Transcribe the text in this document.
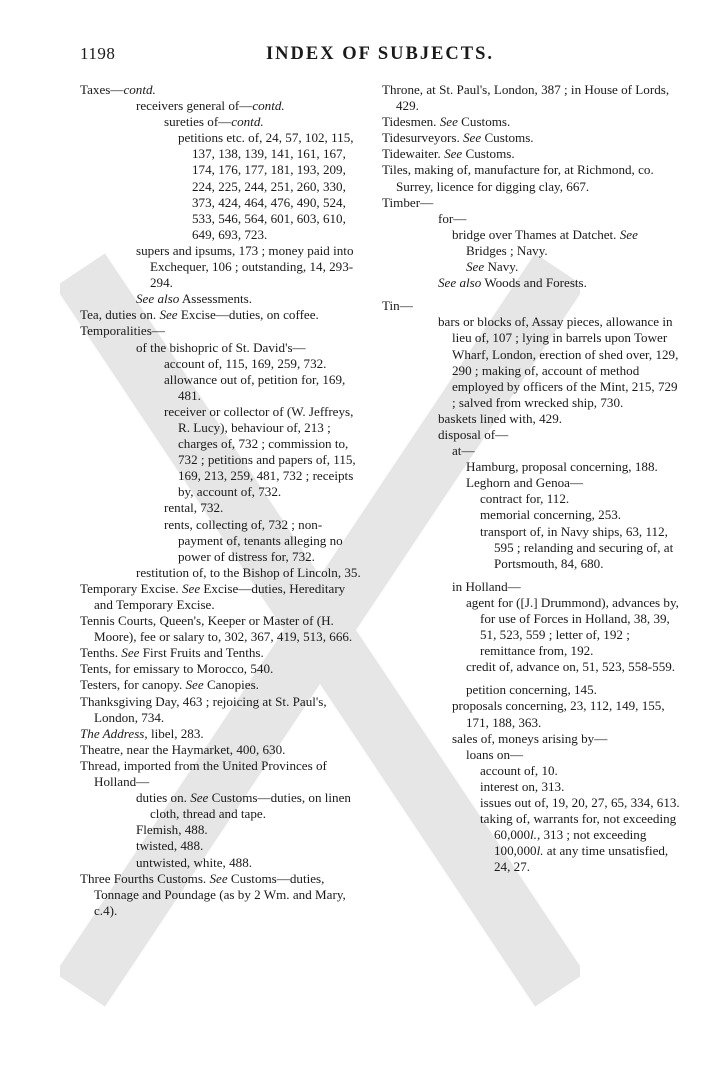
1198	INDEX OF SUBJECTS.

Taxes—contd.

receivers general of—contd.

sureties of—contd.

petitions etc. of, 24, 57, 102, 115, 137, 138, 139, 141, 161, 167, 174, 176, 177, 181, 193, 209, 224, 225, 244, 251, 260, 330, 373, 424, 464, 476, 490, 524, 533, 546, 564, 601, 603, 610, 649, 693, 723.

supers and ipsums, 173 ; money paid into Exchequer, 106 ; outstanding, 14, 293-294.

See also Assessments.

Tea, duties on. See Excise—duties, on coffee.

Temporalities—

of the bishopric of St. David's—

account of, 115, 169, 259, 732.

allowance out of, petition for, 169, 481.

receiver or collector of (W. Jeffreys, R. Lucy), behaviour of, 213 ; charges of, 732 ; commission to, 732 ; petitions and papers of, 115, 169, 213, 259, 481, 732 ; receipts by, account of, 732.

rental, 732.

rents, collecting of, 732 ; non-payment of, tenants alleging no power of distress for, 732.

restitution of, to the Bishop of Lincoln, 35.

Temporary Excise. See Excise—duties, Hereditary and Temporary Excise.

Tennis Courts, Queen's, Keeper or Master of (H. Moore), fee or salary to, 302, 367, 419, 513, 666.

Tenths. See First Fruits and Tenths.

Tents, for emissary to Morocco, 540.

Testers, for canopy. See Canopies.

Thanksgiving Day, 463 ; rejoicing at St. Paul's, London, 734.

The Address, libel, 283.

Theatre, near the Haymarket, 400, 630.

Thread, imported from the United Provinces of Holland—

duties on. See Customs—duties, on linen cloth, thread and tape.

Flemish, 488.

twisted, 488.

untwisted, white, 488.

Three Fourths Customs. See Customs—duties, Tonnage and Poundage (as by 2 Wm. and Mary, c.4).

Throne, at St. Paul's, London, 387 ; in House of Lords, 429.

Tidesmen. See Customs.

Tidesurveyors. See Customs.

Tidewaiter. See Customs.

Tiles, making of, manufacture for, at Richmond, co. Surrey, licence for digging clay, 667.

Timber—

for—

bridge over Thames at Datchet. See Bridges ; Navy.

See Navy.

See also Woods and Forests.

Tin—

bars or blocks of, Assay pieces, allowance in lieu of, 107 ; lying in barrels upon Tower Wharf, London, erection of shed over, 129, 290 ; making of, account of method employed by officers of the Mint, 215, 729 ; salved from wrecked ship, 730.

baskets lined with, 429.

disposal of—

at—

Hamburg, proposal concerning, 188.

Leghorn and Genoa—

contract for, 112.

memorial concerning, 253.

transport of, in Navy ships, 63, 112, 595 ; relanding and securing of, at Portsmouth, 84, 680.

in Holland—

agent for ([J.] Drummond), advances by, for use of Forces in Holland, 38, 39, 51, 523, 559 ; letter of, 192 ; remittance from, 192.

credit of, advance on, 51, 523, 558-559.

petition concerning, 145.

proposals concerning, 23, 112, 149, 155, 171, 188, 363.

sales of, moneys arising by—

loans on—

account of, 10.

interest on, 313.

issues out of, 19, 20, 27, 65, 334, 613.

taking of, warrants for, not exceeding 60,000l., 313 ; not exceeding 100,000l. at any time unsatisfied, 24, 27.
